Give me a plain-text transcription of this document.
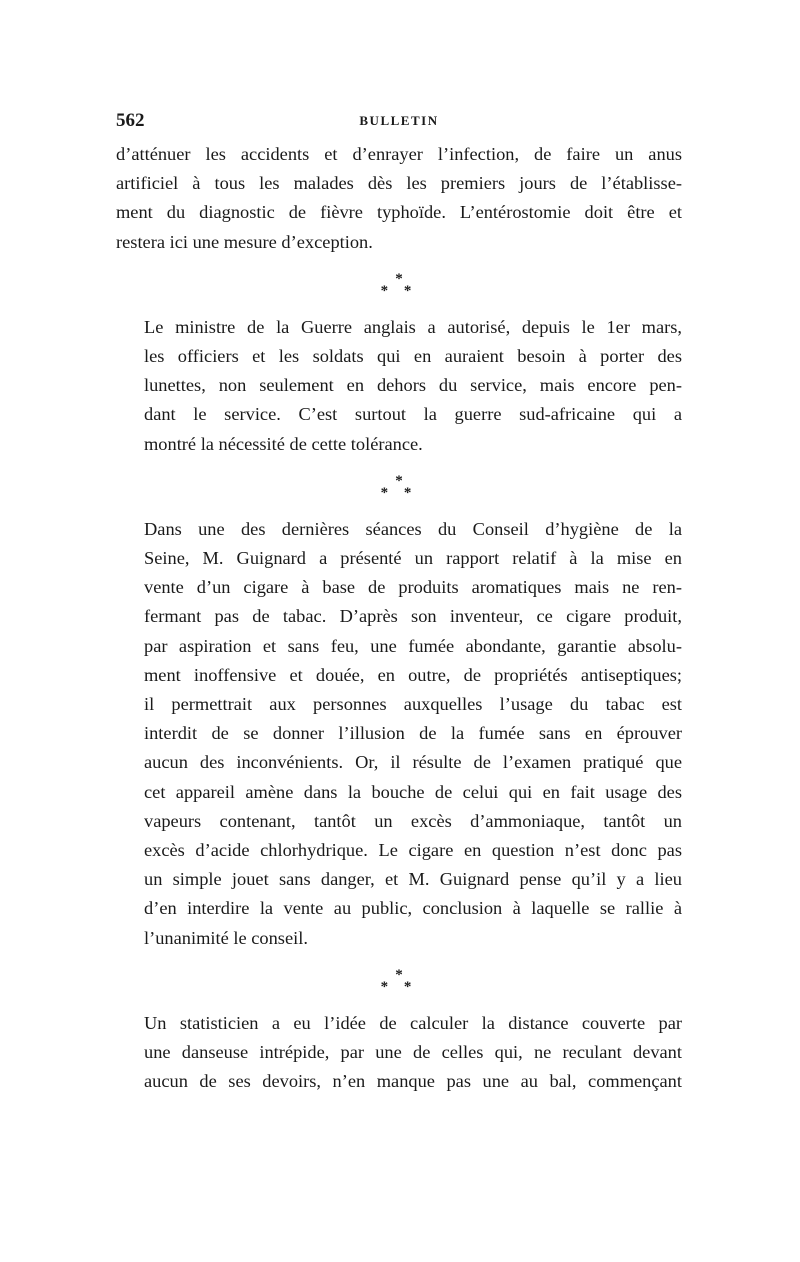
562	BULLETIN

d’atténuer les accidents et d’enrayer l’infection, de faire un anus
artificiel à tous les malades dès les premiers jours de l’établisse-
ment du diagnostic de fièvre typhoïde. L’entérostomie doit être et
restera ici une mesure d’exception.

*
* *

Le ministre de la Guerre anglais a autorisé, depuis le 1er mars,
les officiers et les soldats qui en auraient besoin à porter des
lunettes, non seulement en dehors du service, mais encore pen-
dant le service. C’est surtout la guerre sud-africaine qui a
montré la nécessité de cette tolérance.

*
* *

Dans une des dernières séances du Conseil d’hygiène de la
Seine, M. Guignard a présenté un rapport relatif à la mise en
vente d’un cigare à base de produits aromatiques mais ne ren-
fermant pas de tabac. D’après son inventeur, ce cigare produit,
par aspiration et sans feu, une fumée abondante, garantie absolu-
ment inoffensive et douée, en outre, de propriétés antiseptiques;
il permettrait aux personnes auxquelles l’usage du tabac est
interdit de se donner l’illusion de la fumée sans en éprouver
aucun des inconvénients. Or, il résulte de l’examen pratiqué que
cet appareil amène dans la bouche de celui qui en fait usage des
vapeurs contenant, tantôt un excès d’ammoniaque, tantôt un
excès d’acide chlorhydrique. Le cigare en question n’est donc pas
un simple jouet sans danger, et M. Guignard pense qu’il y a lieu
d’en interdire la vente au public, conclusion à laquelle se rallie à
l’unanimité le conseil.

*
* *

Un statisticien a eu l’idée de calculer la distance couverte par
une danseuse intrépide, par une de celles qui, ne reculant devant
aucun de ses devoirs, n’en manque pas une au bal, commençant
